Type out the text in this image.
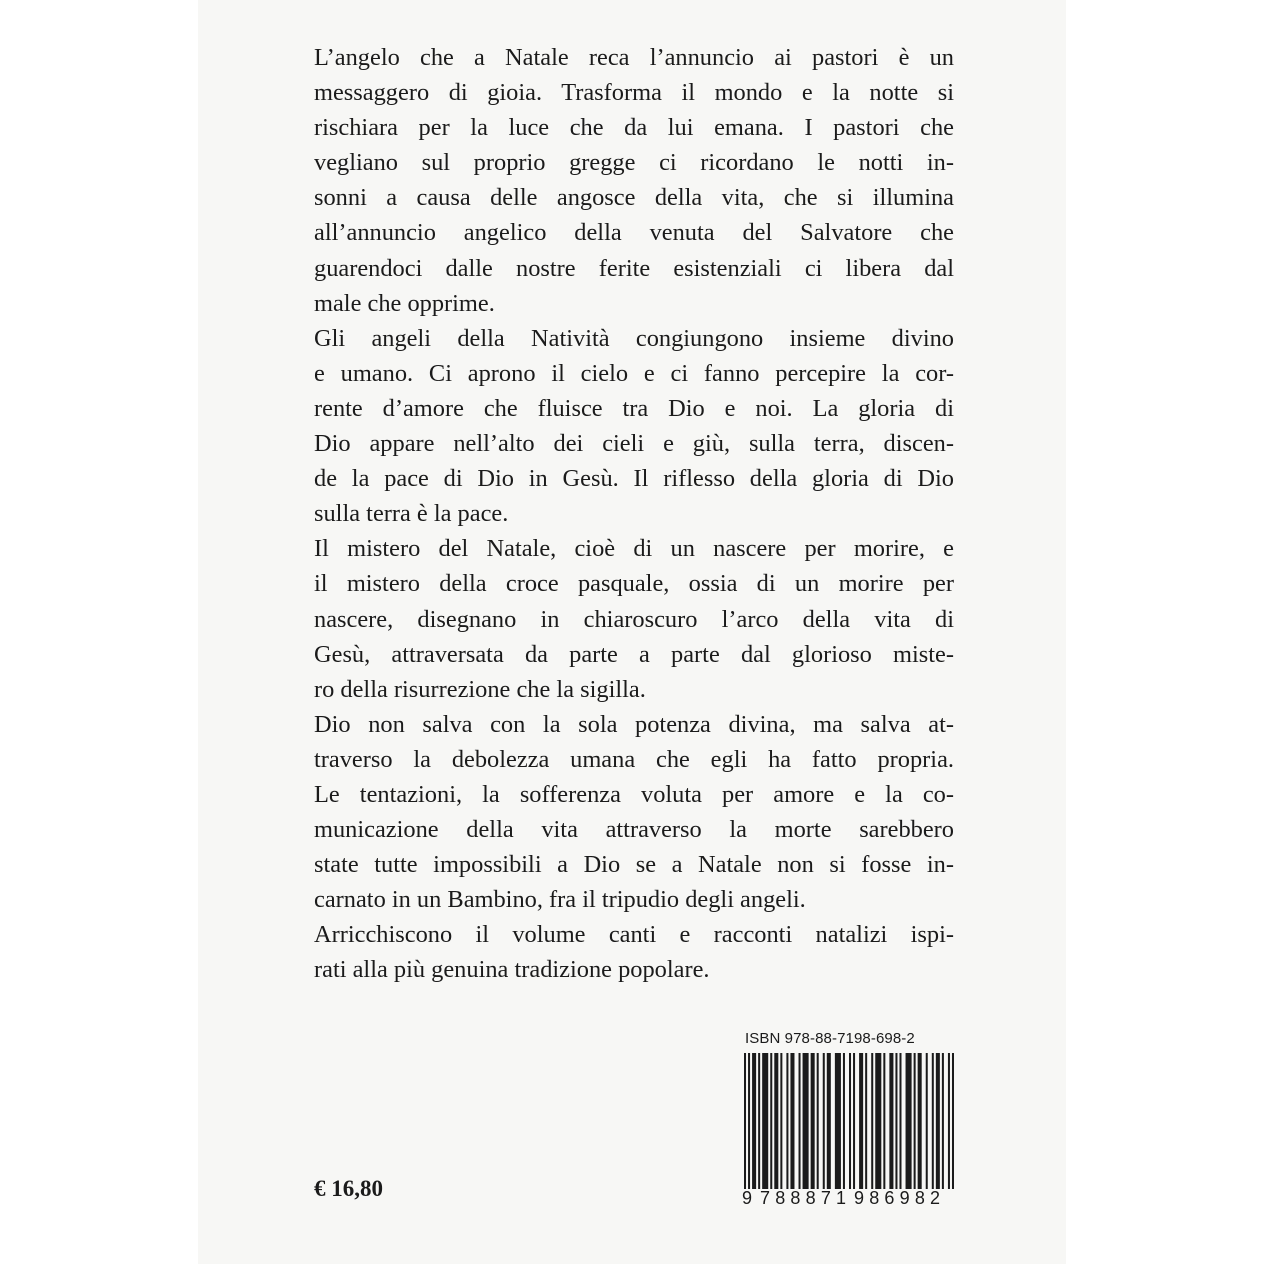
L’angelo che a Natale reca l’annuncio ai pastori è un
messaggero di gioia. Trasforma il mondo e la notte si
rischiara per la luce che da lui emana. I pastori che
vegliano sul proprio gregge ci ricordano le notti in-
sonni a causa delle angosce della vita, che si illumina
all’annuncio angelico della venuta del Salvatore che
guarendoci dalle nostre ferite esistenziali ci libera dal
male che opprime.
Gli angeli della Natività congiungono insieme divino
e umano. Ci aprono il cielo e ci fanno percepire la cor-
rente d’amore che fluisce tra Dio e noi. La gloria di
Dio appare nell’alto dei cieli e giù, sulla terra, discen-
de la pace di Dio in Gesù. Il riflesso della gloria di Dio
sulla terra è la pace.
Il mistero del Natale, cioè di un nascere per morire, e
il mistero della croce pasquale, ossia di un morire per
nascere, disegnano in chiaroscuro l’arco della vita di
Gesù, attraversata da parte a parte dal glorioso miste-
ro della risurrezione che la sigilla.
Dio non salva con la sola potenza divina, ma salva at-
traverso la debolezza umana che egli ha fatto propria.
Le tentazioni, la sofferenza voluta per amore e la co-
municazione della vita attraverso la morte sarebbero
state tutte impossibili a Dio se a Natale non si fosse in-
carnato in un Bambino, fra il tripudio degli angeli.
Arricchiscono il volume canti e racconti natalizi ispi-
rati alla più genuina tradizione popolare.
ISBN 978-88-7198-698-2
9 788871 986982
€ 16,80
